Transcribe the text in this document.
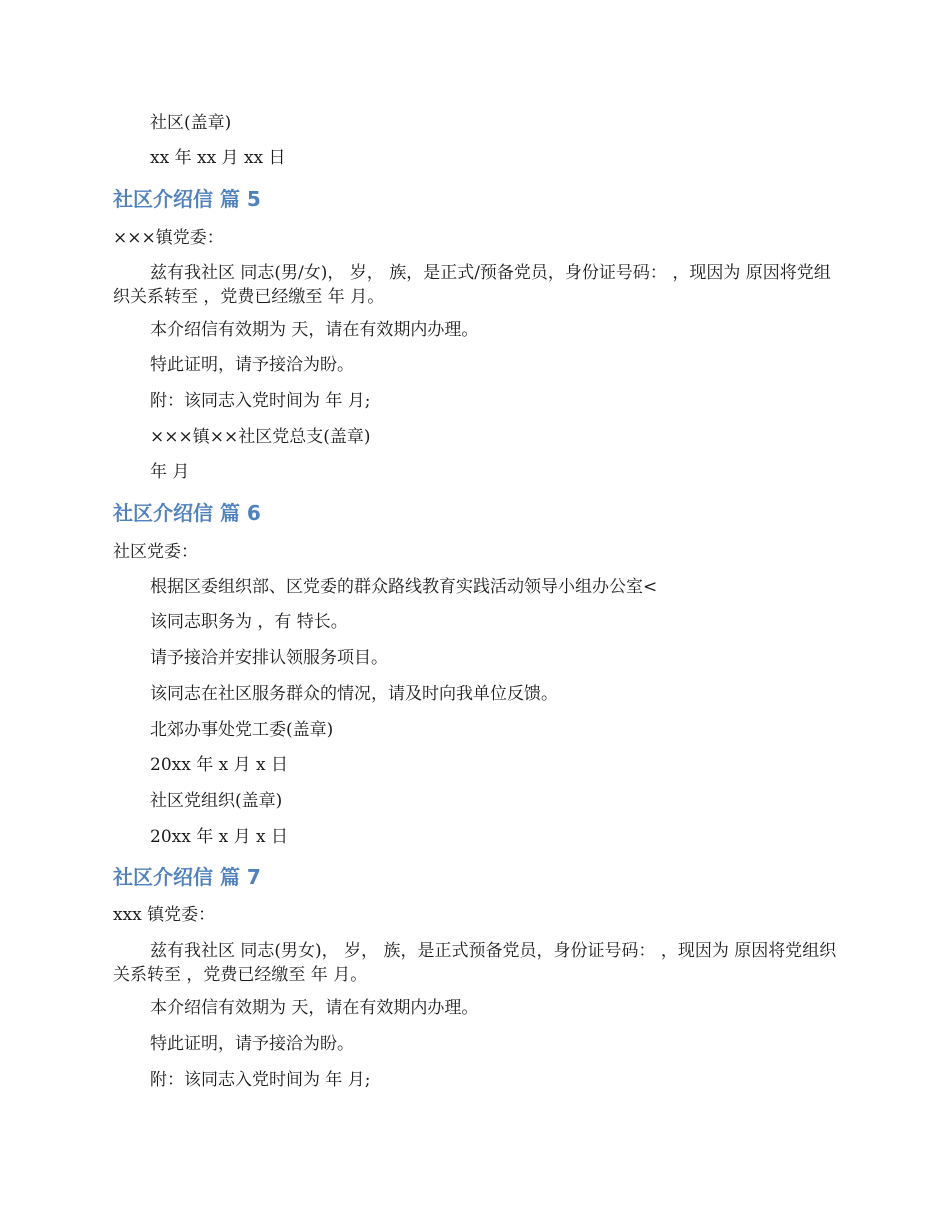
社区(盖章)
xx 年 xx 月 xx 日
社区介绍信 篇 5
×××镇党委：
兹有我社区 同志(男/女)， 岁， 族，是正式/预备党员，身份证号码： ，现因为 原因将党组织关系转至 ，党费已经缴至 年 月。
本介绍信有效期为 天，请在有效期内办理。
特此证明，请予接洽为盼。
附：该同志入党时间为 年 月;
×××镇××社区党总支(盖章)
年 月
社区介绍信 篇 6
社区党委：
根据区委组织部、区党委的群众路线教育实践活动领导小组办公室<
该同志职务为 ，有 特长。
请予接洽并安排认领服务项目。
该同志在社区服务群众的情况，请及时向我单位反馈。
北郊办事处党工委(盖章)
20xx 年 x 月 x 日
社区党组织(盖章)
20xx 年 x 月 x 日
社区介绍信 篇 7
xxx 镇党委：
兹有我社区 同志(男女)， 岁， 族，是正式预备党员，身份证号码： ，现因为 原因将党组织关系转至 ，党费已经缴至 年 月。
本介绍信有效期为 天，请在有效期内办理。
特此证明，请予接洽为盼。
附：该同志入党时间为 年 月;
